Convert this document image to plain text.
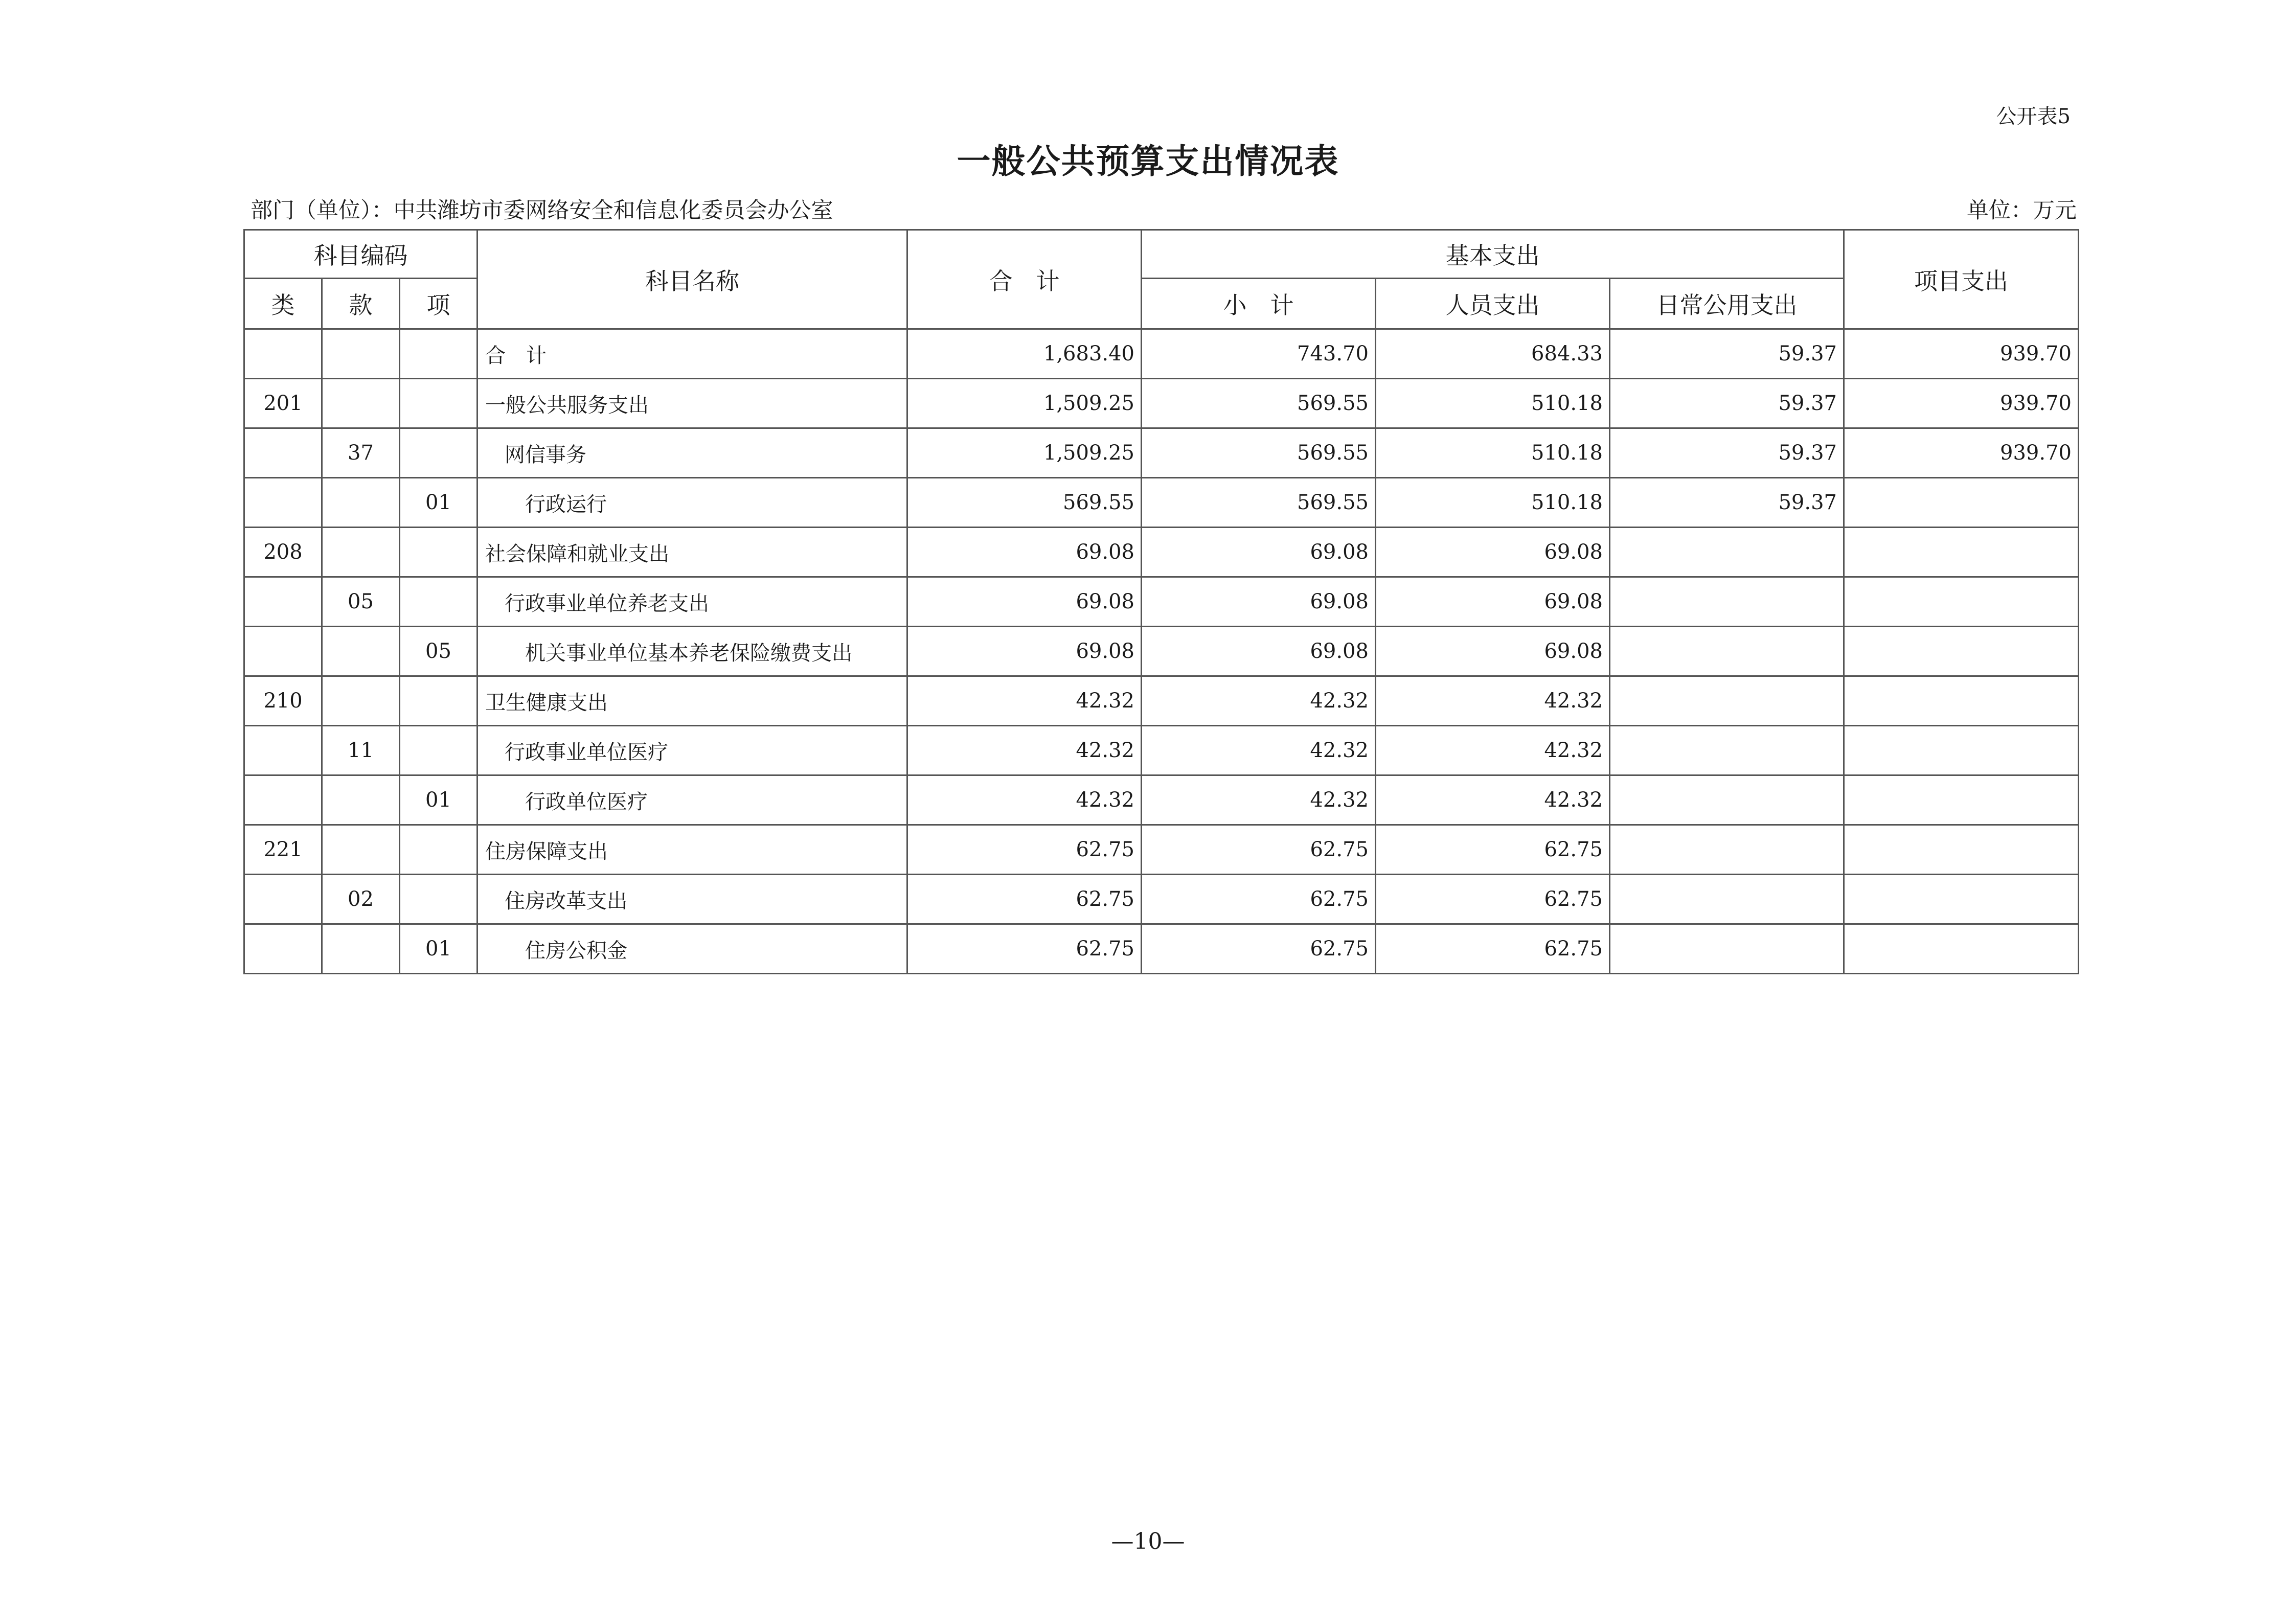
公开表5
一般公共预算支出情况表
部门（单位）：中共潍坊市委网络安全和信息化委员会办公室	单位：万元
科目编码			科目名称	合　计	基本支出			项目支出
类	款	项			小　计	人员支出	日常公用支出	
			合　计	1,683.40	743.70	684.33	59.37	939.70
201			一般公共服务支出	1,509.25	569.55	510.18	59.37	939.70
	37		网信事务	1,509.25	569.55	510.18	59.37	939.70
		01	行政运行	569.55	569.55	510.18	59.37	
208			社会保障和就业支出	69.08	69.08	69.08		
	05		行政事业单位养老支出	69.08	69.08	69.08		
		05	机关事业单位基本养老保险缴费支出	69.08	69.08	69.08		
210			卫生健康支出	42.32	42.32	42.32		
	11		行政事业单位医疗	42.32	42.32	42.32		
		01	行政单位医疗	42.32	42.32	42.32		
221			住房保障支出	62.75	62.75	62.75		
	02		住房改革支出	62.75	62.75	62.75		
		01	住房公积金	62.75	62.75	62.75		
—10—
